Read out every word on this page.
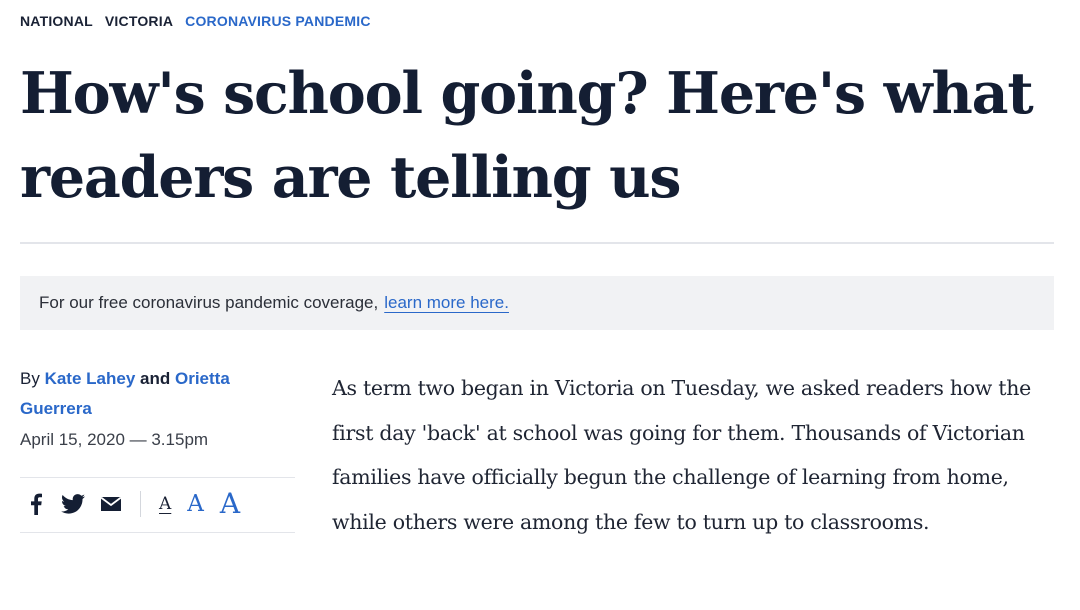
NATIONAL VICTORIA CORONAVIRUS PANDEMIC
How's school going? Here's what
readers are telling us
For our free coronavirus pandemic coverage, learn more here.
By Kate Lahey and Orietta Guerrera
April 15, 2020 — 3.15pm
A A A

As term two began in Victoria on Tuesday, we asked readers how the first day 'back' at school was going for them. Thousands of Victorian families have officially begun the challenge of learning from home, while others were among the few to turn up to classrooms.
